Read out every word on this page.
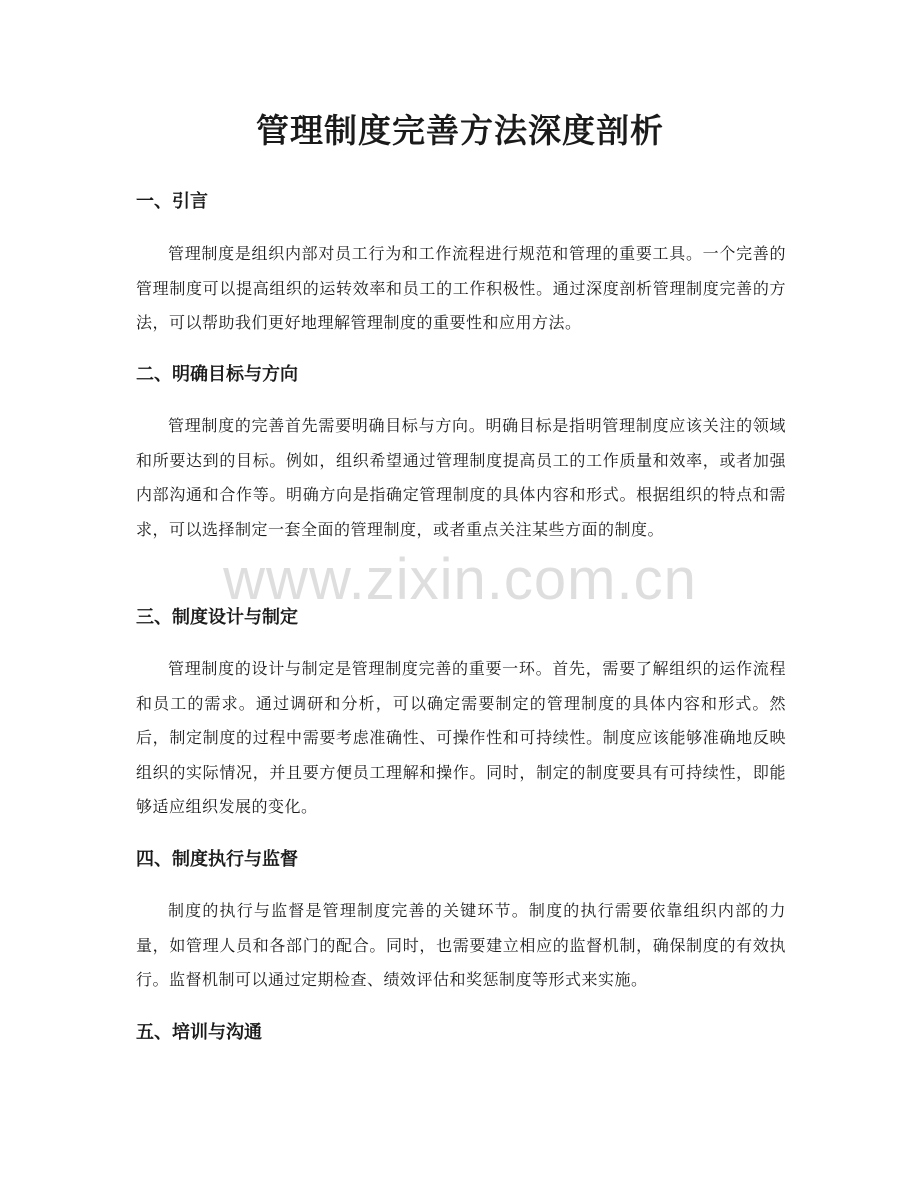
www.zixin.com.cn
管理制度完善方法深度剖析
一、引言

管理制度是组织内部对员工行为和工作流程进行规范和管理的重要工具。一个完善的管理制度可以提高组织的运转效率和员工的工作积极性。通过深度剖析管理制度完善的方法，可以帮助我们更好地理解管理制度的重要性和应用方法。

二、明确目标与方向

管理制度的完善首先需要明确目标与方向。明确目标是指明管理制度应该关注的领域和所要达到的目标。例如，组织希望通过管理制度提高员工的工作质量和效率，或者加强内部沟通和合作等。明确方向是指确定管理制度的具体内容和形式。根据组织的特点和需求，可以选择制定一套全面的管理制度，或者重点关注某些方面的制度。

三、制度设计与制定

管理制度的设计与制定是管理制度完善的重要一环。首先，需要了解组织的运作流程和员工的需求。通过调研和分析，可以确定需要制定的管理制度的具体内容和形式。然后，制定制度的过程中需要考虑准确性、可操作性和可持续性。制度应该能够准确地反映组织的实际情况，并且要方便员工理解和操作。同时，制定的制度要具有可持续性，即能够适应组织发展的变化。

四、制度执行与监督

制度的执行与监督是管理制度完善的关键环节。制度的执行需要依靠组织内部的力量，如管理人员和各部门的配合。同时，也需要建立相应的监督机制，确保制度的有效执行。监督机制可以通过定期检查、绩效评估和奖惩制度等形式来实施。

五、培训与沟通
